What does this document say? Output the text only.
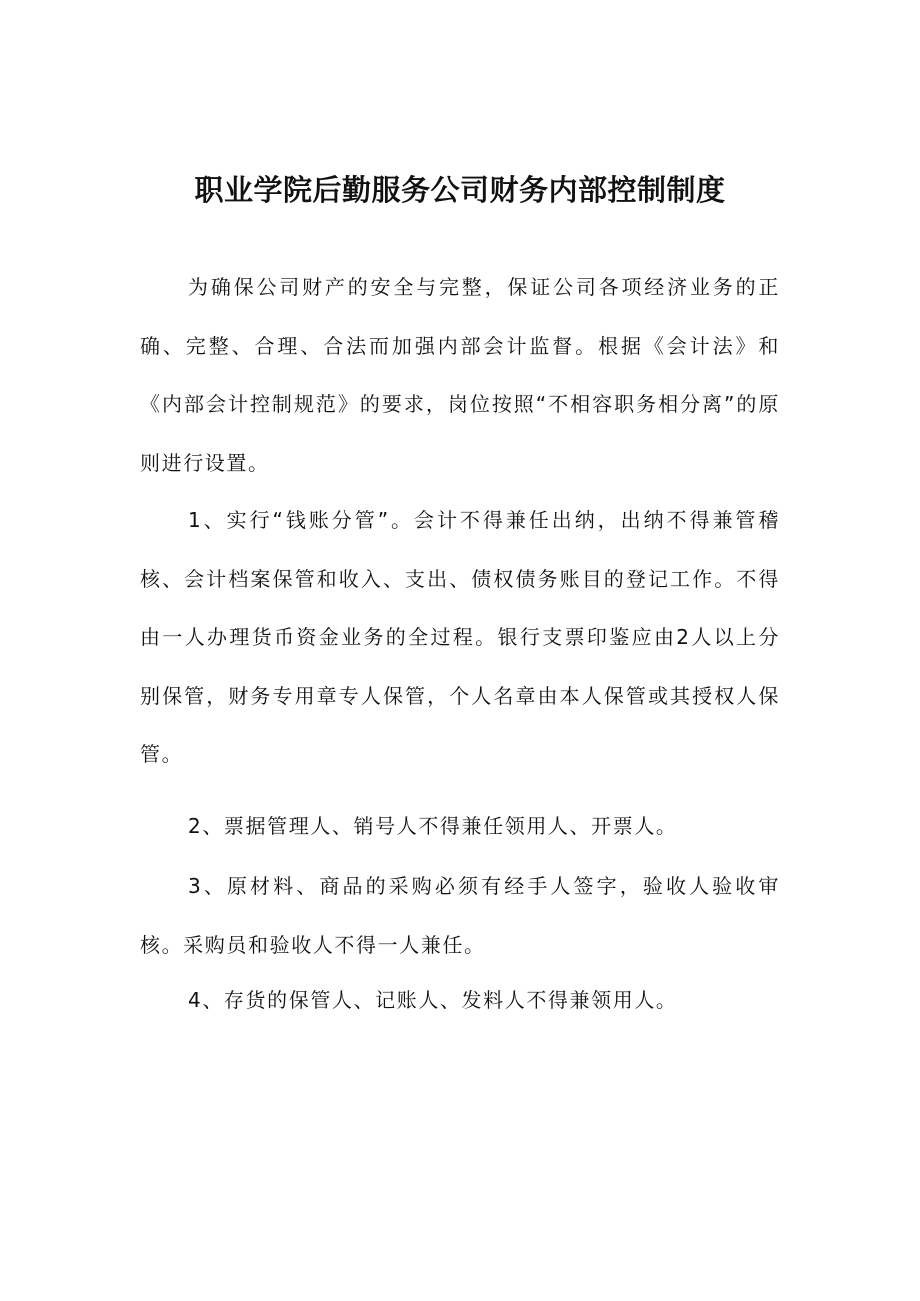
职业学院后勤服务公司财务内部控制制度

为确保公司财产的安全与完整，保证公司各项经济业务的正确、完整、合理、合法而加强内部会计监督。根据《会计法》和《内部会计控制规范》的要求，岗位按照“不相容职务相分离”的原则进行设置。

1、实行“钱账分管”。会计不得兼任出纳，出纳不得兼管稽核、会计档案保管和收入、支出、债权债务账目的登记工作。不得由一人办理货币资金业务的全过程。银行支票印鉴应由2人以上分别保管，财务专用章专人保管，个人名章由本人保管或其授权人保管。

2、票据管理人、销号人不得兼任领用人、开票人。

3、原材料、商品的采购必须有经手人签字，验收人验收审核。采购员和验收人不得一人兼任。

4、存货的保管人、记账人、发料人不得兼领用人。
